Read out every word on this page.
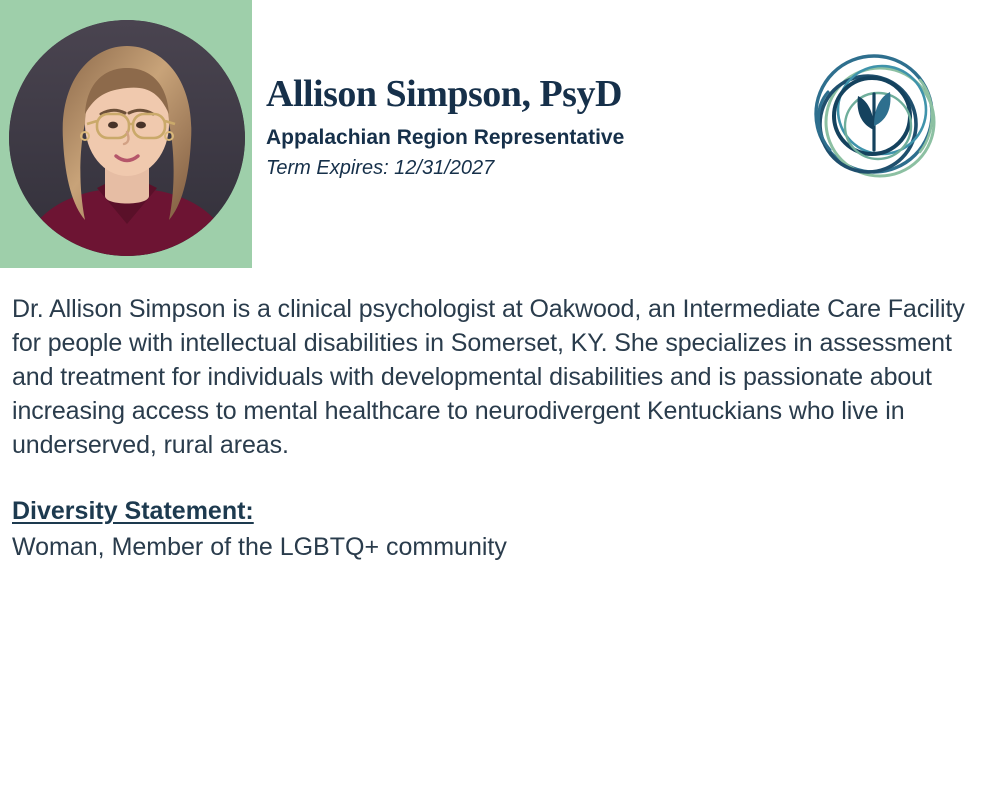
Allison Simpson, PsyD
Appalachian Region Representative
Term Expires: 12/31/2027

Dr. Allison Simpson is a clinical psychologist at Oakwood, an Intermediate Care Facility for people with intellectual disabilities in Somerset, KY. She specializes in assessment and treatment for individuals with developmental disabilities and is passionate about increasing access to mental healthcare to neurodivergent Kentuckians who live in underserved, rural areas.

Diversity Statement:

Woman, Member of the LGBTQ+ community
